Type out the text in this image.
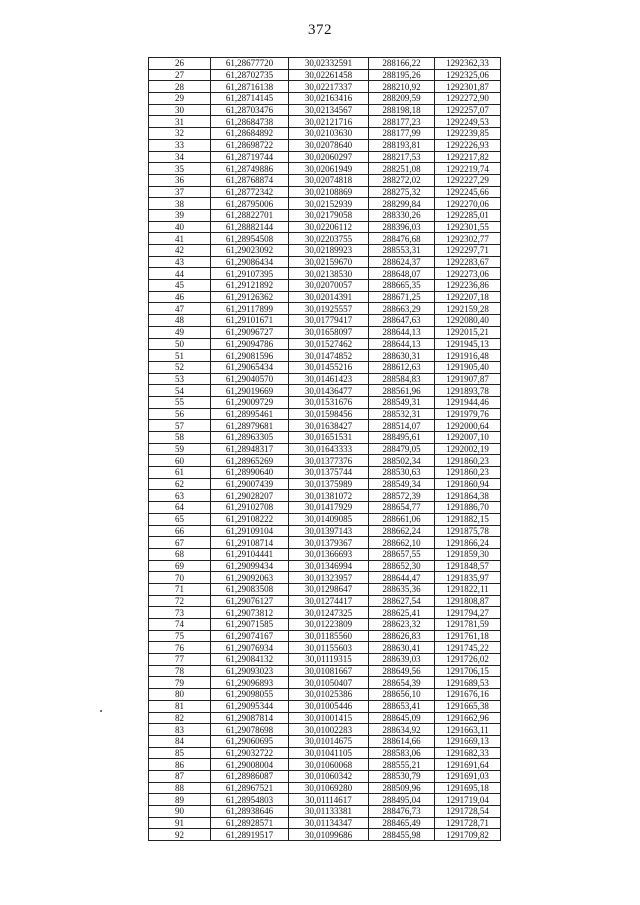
372
26	61,28677720	30,02332591	288166,22	1292362,33
27	61,28702735	30,02261458	288195,26	1292325,06
28	61,28716138	30,02217337	288210,92	1292301,87
29	61,28714145	30,02163416	288209,59	1292272,90
30	61,28703476	30,02134567	288198,18	1292257,07
31	61,28684738	30,02121716	288177,23	1292249,53
32	61,28684892	30,02103630	288177,99	1292239,85
33	61,28698722	30,02078640	288193,81	1292226,93
34	61,28719744	30,02060297	288217,53	1292217,82
35	61,28749886	30,02061949	288251,08	1292219,74
36	61,28768874	30,02074818	288272,02	1292227,29
37	61,28772342	30,02108869	288275,32	1292245,66
38	61,28795006	30,02152939	288299,84	1292270,06
39	61,28822701	30,02179058	288330,26	1292285,01
40	61,28882144	30,02206112	288396,03	1292301,55
41	61,28954508	30,02203755	288476,68	1292302,77
42	61,29023092	30,02189923	288553,31	1292297,71
43	61,29086434	30,02159670	288624,37	1292283,67
44	61,29107395	30,02138530	288648,07	1292273,06
45	61,29121892	30,02070057	288665,35	1292236,86
46	61,29126362	30,02014391	288671,25	1292207,18
47	61,29117899	30,01925557	288663,29	1292159,28
48	61,29101671	30,01779417	288647,63	1292080,40
49	61,29096727	30,01658097	288644,13	1292015,21
50	61,29094786	30,01527462	288644,13	1291945,13
51	61,29081596	30,01474852	288630,31	1291916,48
52	61,29065434	30,01455216	288612,63	1291905,40
53	61,29040570	30,01461423	288584,83	1291907,87
54	61,29019669	30,01436477	288561,96	1291893,78
55	61,29009729	30,01531676	288549,31	1291944,46
56	61,28995461	30,01598456	288532,31	1291979,76
57	61,28979681	30,01638427	288514,07	1292000,64
58	61,28963305	30,01651531	288495,61	1292007,10
59	61,28948317	30,01643333	288479,05	1292002,19
60	61,28965269	30,01377376	288502,34	1291860,23
61	61,28990640	30,01375744	288530,63	1291860,23
62	61,29007439	30,01375989	288549,34	1291860,94
63	61,29028207	30,01381072	288572,39	1291864,38
64	61,29102708	30,01417929	288654,77	1291886,70
65	61,29108222	30,01409085	288661,06	1291882,15
66	61,29109104	30,01397143	288662,24	1291875,78
67	61,29108714	30,01379367	288662,10	1291866,24
68	61,29104441	30,01366693	288657,55	1291859,30
69	61,29099434	30,01346994	288652,30	1291848,57
70	61,29092063	30,01323957	288644,47	1291835,97
71	61,29083508	30,01298647	288635,36	1291822,11
72	61,29076127	30,01274417	288627,54	1291808,87
73	61,29073812	30,01247325	288625,41	1291794,27
74	61,29071585	30,01223809	288623,32	1291781,59
75	61,29074167	30,01185560	288626,83	1291761,18
76	61,29076934	30,01155603	288630,41	1291745,22
77	61,29084132	30,01119315	288639,03	1291726,02
78	61,29093023	30,01081667	288649,56	1291706,15
79	61,29096893	30,01050407	288654,39	1291689,53
80	61,29098055	30,01025386	288656,10	1291676,16
81	61,29095344	30,01005446	288653,41	1291665,38
82	61,29087814	30,01001415	288645,09	1291662,96
83	61,29078698	30,01002283	288634,92	1291663,11
84	61,29060695	30,01014675	288614,66	1291669,13
85	61,29032722	30,01041105	288583,06	1291682,33
86	61,29008004	30,01060068	288555,21	1291691,64
87	61,28986087	30,01060342	288530,79	1291691,03
88	61,28967521	30,01069280	288509,96	1291695,18
89	61,28954803	30,01114617	288495,04	1291719,04
90	61,28938646	30,01133381	288476,73	1291728,54
91	61,28928571	30,01134347	288465,49	1291728,71
92	61,28919517	30,01099686	288455,98	1291709,82
